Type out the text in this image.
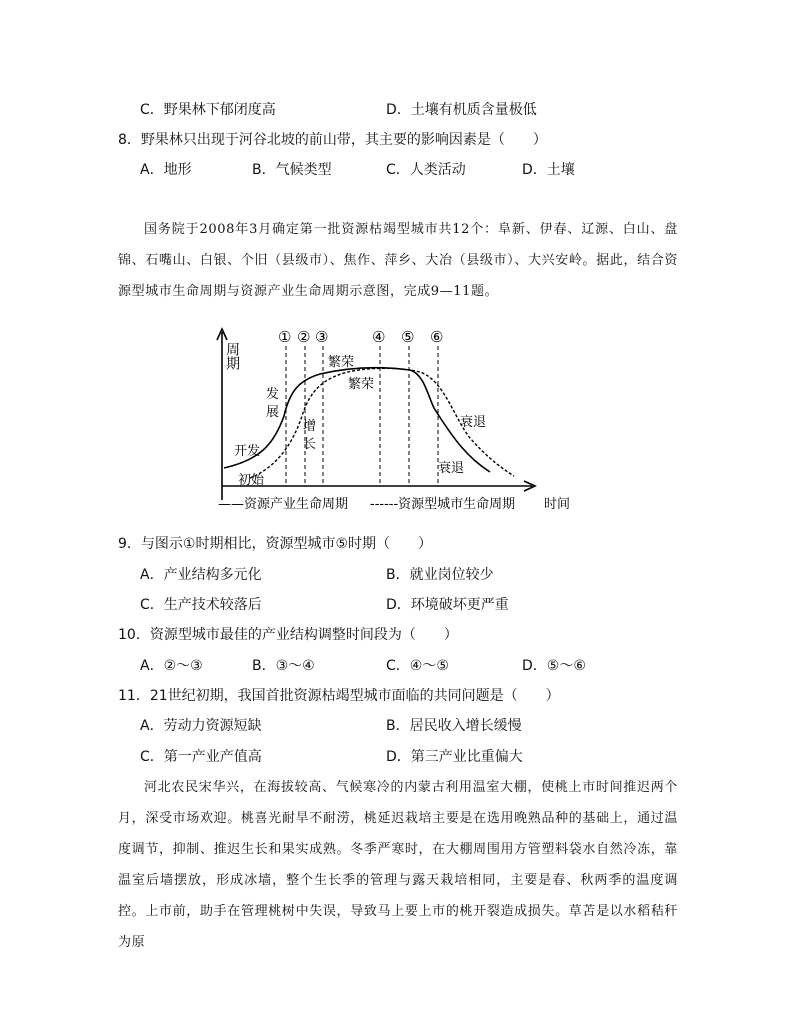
C．野果林下郁闭度高	D．土壤有机质含量极低
8．野果林只出现于河谷北坡的前山带，其主要的影响因素是（　　）
A．地形	B．气候类型	C．人类活动	D．土壤

国务院于2008年3月确定第一批资源枯竭型城市共12个：阜新、伊春、辽源、白山、盘锦、石嘴山、白银、个旧（县级市）、焦作、萍乡、大冶（县级市）、大兴安岭。据此，结合资源型城市生命周期与资源产业生命周期示意图，完成9—11题。

周期
① ② ③	④ ⑤ ⑥
繁荣
繁荣
发
展
增
长
开发
初始
衰退
衰退
——资源产业生命周期 ------资源型城市生命周期 时间
9．与图示①时期相比，资源型城市⑤时期（　　）
A．产业结构多元化	B．就业岗位较少
C．生产技术较落后	D．环境破坏更严重
10．资源型城市最佳的产业结构调整时间段为（　　）
A．②～③	B．③～④	C．④～⑤	D．⑤～⑥
11．21世纪初期，我国首批资源枯竭型城市面临的共同问题是（　　）
A．劳动力资源短缺	B．居民收入增长缓慢
C．第一产业产值高	D．第三产业比重偏大

河北农民宋华兴，在海拔较高、气候寒冷的内蒙古利用温室大棚，使桃上市时间推迟两个月，深受市场欢迎。桃喜光耐旱不耐涝，桃延迟栽培主要是在选用晚熟品种的基础上，通过温度调节，抑制、推迟生长和果实成熟。冬季严寒时，在大棚周围用方管塑料袋水自然冷冻，靠温室后墙摆放，形成冰墙，整个生长季的管理与露天栽培相同，主要是春、秋两季的温度调控。上市前，助手在管理桃树中失误，导致马上要上市的桃开裂造成损失。草苫是以水稻秸秆为原
